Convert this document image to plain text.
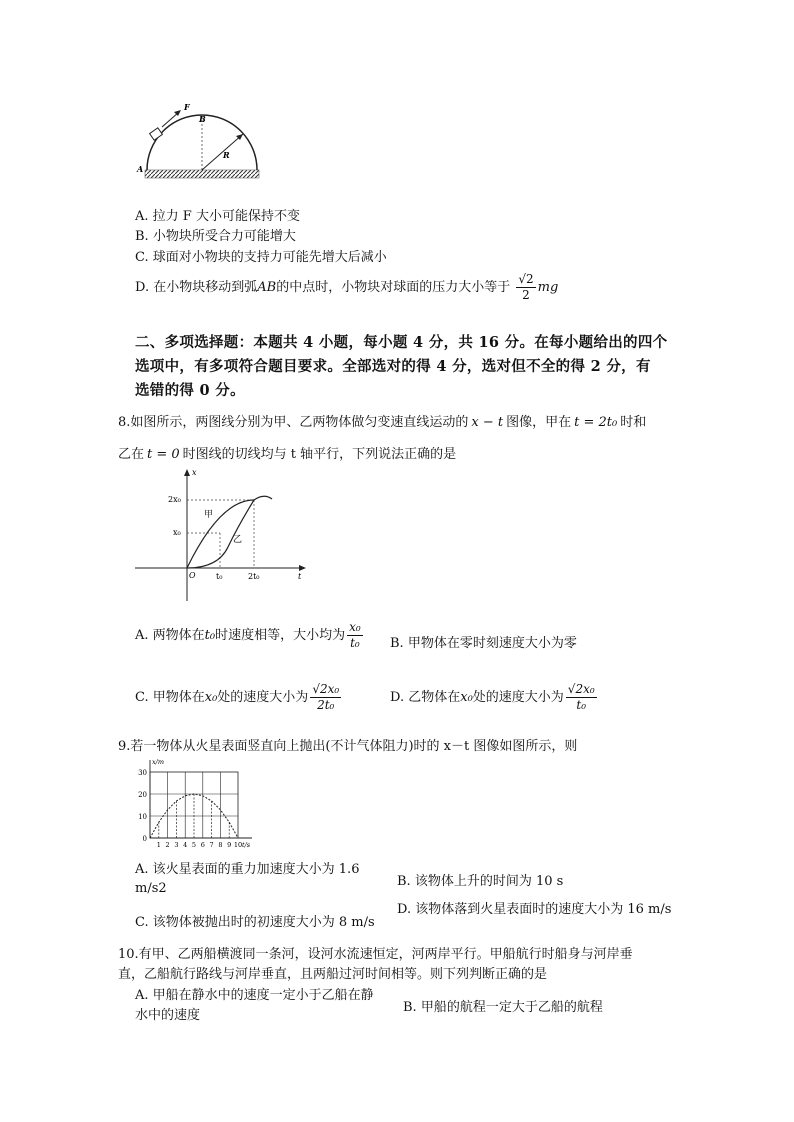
F
B
A
R
A. 拉力 F 大小可能保持不变
B. 小物块所受合力可能增大
C. 球面对小物块的支持力可能先增大后减小
D. 在小物块移动到弧AB的中点时，小物块对球面的压力大小等于 $\frac{√2}{2}$ mg
二、多项选择题：本题共 4 小题，每小题 4 分，共 16 分。在每小题给出的四个
选项中，有多项符合题目要求。全部选对的得 4 分，选对但不全的得 2 分，有
选错的得 0 分。
8.如图所示，两图线分别为甲、乙两物体做匀变速直线运动的 x − t 图像，甲在 t = 2t₀ 时和
乙在 t = 0 时图线的切线均与 t 轴平行，下列说法正确的是
x
t
O
2x₀
x₀
t₀	2t₀
甲
乙
A. 两物体在t₀时速度相等，大小均为 $\frac{\text{x₀}}{\text{t₀}} B$. 甲物体在零时刻速度大小为零
C. 甲物体在x₀处的速度大小为 $\frac{\text{√2x₀}}{\text{2t₀}}$	D. 乙物体在x₀处的速度大小为 $\frac{\text{√2x₀}}{\text{t₀}}$
9.若一物体从火星表面竖直向上抛出(不计气体阻力)时的 x－t 图像如图所示，则
30
20
10
0
1 2 3 4 5 6 7 8 9 10
x/m
t/s
A. 该火星表面的重力加速度大小为 1.6 m/s2	B. 该物体上升的时间为 10 s
C. 该物体被抛出时的初速度大小为 8 m/s
D. 该物体落到火星表面时的速度大小为 16 m/s
10.有甲、乙两船横渡同一条河，设河水流速恒定，河两岸平行。甲船航行时船身与河岸垂
直，乙船航行路线与河岸垂直，且两船过河时间相等。则下列判断正确的是
A. 甲船在静水中的速度一定小于乙船在静
水中的速度
B. 甲船的航程一定大于乙船的航程
